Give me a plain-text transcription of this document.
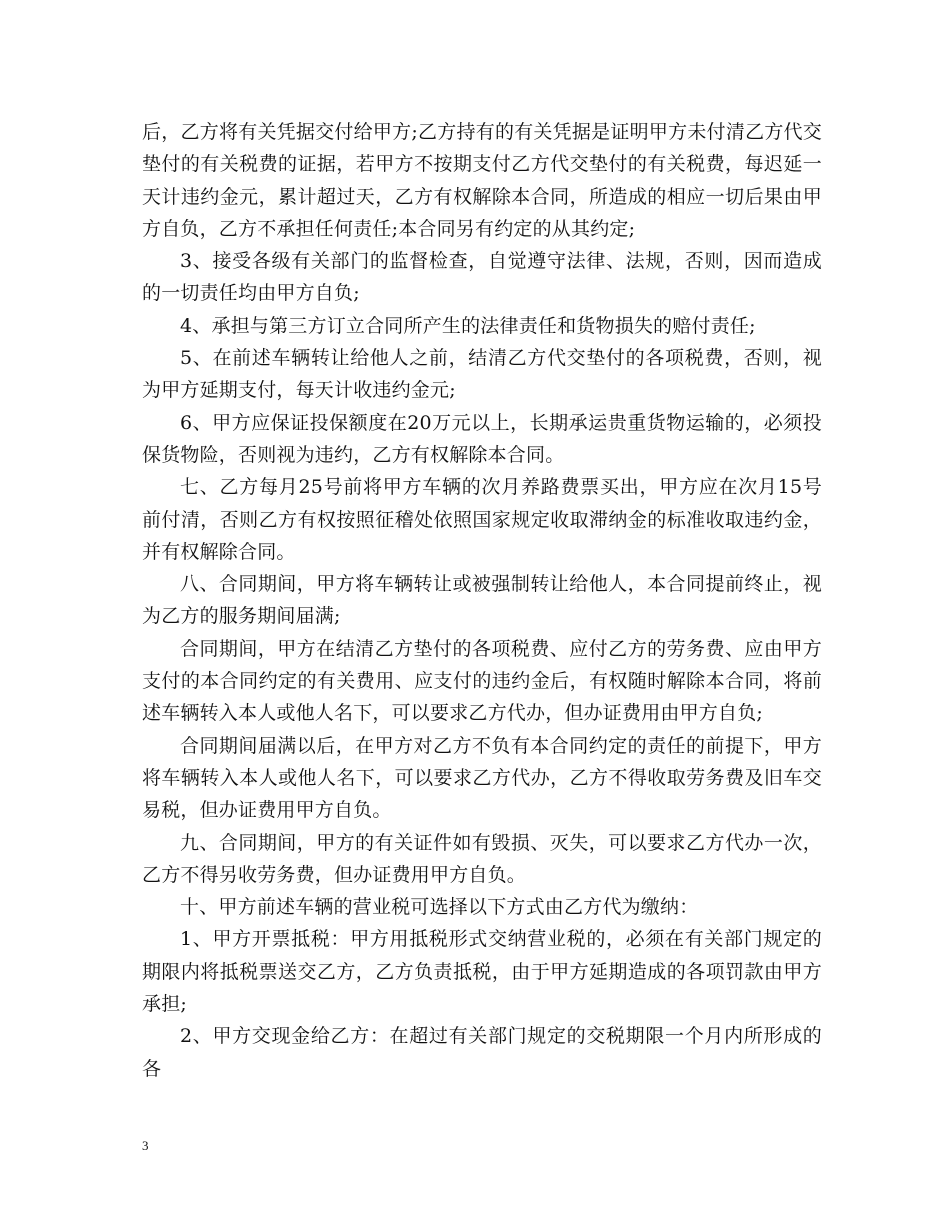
后，乙方将有关凭据交付给甲方;乙方持有的有关凭据是证明甲方未付清乙方代交垫付的有关税费的证据，若甲方不按期支付乙方代交垫付的有关税费，每迟延一天计违约金元，累计超过天，乙方有权解除本合同，所造成的相应一切后果由甲方自负，乙方不承担任何责任;本合同另有约定的从其约定;

3、接受各级有关部门的监督检查，自觉遵守法律、法规，否则，因而造成的一切责任均由甲方自负;

4、承担与第三方订立合同所产生的法律责任和货物损失的赔付责任;

5、在前述车辆转让给他人之前，结清乙方代交垫付的各项税费，否则，视为甲方延期支付，每天计收违约金元;

6、甲方应保证投保额度在20万元以上，长期承运贵重货物运输的，必须投保货物险，否则视为违约，乙方有权解除本合同。

七、乙方每月25号前将甲方车辆的次月养路费票买出，甲方应在次月15号前付清，否则乙方有权按照征稽处依照国家规定收取滞纳金的标准收取违约金，并有权解除合同。

八、合同期间，甲方将车辆转让或被强制转让给他人，本合同提前终止，视为乙方的服务期间届满;

合同期间，甲方在结清乙方垫付的各项税费、应付乙方的劳务费、应由甲方支付的本合同约定的有关费用、应支付的违约金后，有权随时解除本合同，将前述车辆转入本人或他人名下，可以要求乙方代办，但办证费用由甲方自负;

合同期间届满以后，在甲方对乙方不负有本合同约定的责任的前提下，甲方将车辆转入本人或他人名下，可以要求乙方代办，乙方不得收取劳务费及旧车交易税，但办证费用甲方自负。

九、合同期间，甲方的有关证件如有毁损、灭失，可以要求乙方代办一次，乙方不得另收劳务费，但办证费用甲方自负。

十、甲方前述车辆的营业税可选择以下方式由乙方代为缴纳：

1、甲方开票抵税：甲方用抵税形式交纳营业税的，必须在有关部门规定的期限内将抵税票送交乙方，乙方负责抵税，由于甲方延期造成的各项罚款由甲方承担;

2、甲方交现金给乙方：在超过有关部门规定的交税期限一个月内所形成的各

3
